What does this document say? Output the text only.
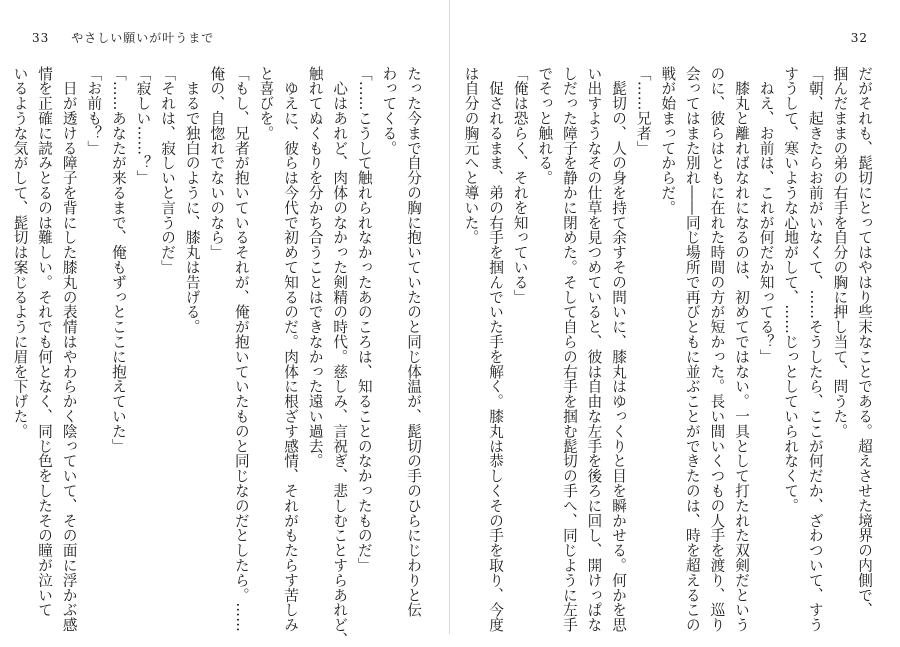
33 やさしい願いが叶うまで
たった今まで自分の胸に抱いていたのと同じ体温が、髭切の手のひらにじわりと伝
わってくる。
「……こうして触れられなかったあのころは、知ることのなかったものだ」
　心はあれど、肉体のなかった剣精の時代。慈しみ、言祝ぎ、悲しむことすらあれど、
触れてぬくもりを分かち合うことはできなかった遠い過去。
　ゆえに、彼らは今代で初めて知るのだ。肉体に根ざす感情、それがもたらす苦しみ
と喜びを。
「もし、兄者が抱いているそれが、俺が抱いていたものと同じなのだとしたら。……
俺の、自惚れでないのなら」
　まるで独白のように、膝丸は告げる。
「それは、寂しいと言うのだ」
「寂しい……？」
「……あなたが来るまで、俺もずっとここに抱えていた」
「お前も？」
　日が透ける障子を背にした膝丸の表情はやわらかく陰っていて、その面に浮かぶ感
情を正確に読みとるのは難しい。それでも何となく、同じ色をしたその瞳が泣いて
いるような気がして、髭切は案じるように眉を下げた。
32
だがそれも、髭切にとってはやはり些末なことである。超えさせた境界の内側で、
掴んだままの弟の右手を自分の胸に押し当て、問うた。
「朝、起きたらお前がいなくて、……そうしたら、ここが何だか、ざわついて、すう
すうして、寒いような心地がして、……じっとしていられなくて。
　ねえ、お前は、これが何だか知ってる？」
　膝丸と離ればなれになるのは、初めてではない。一具として打たれた双剣だという
のに、彼らはともに在れた時間の方が短かった。長い間いくつもの人手を渡り、巡り
会ってはまた別れ――同じ場所で再びともに並ぶことができたのは、時を超えるこの
戦が始まってからだ。
「……兄者」
　髭切の、人の身を持て余すその問いに、膝丸はゆっくりと目を瞬かせる。何かを思
い出すようなその仕草を見つめていると、彼は自由な左手を後ろに回し、開けっぱな
しだった障子を静かに閉めた。そして自らの右手を掴む髭切の手へ、同じように左手
でそっと触れる。
「俺は恐らく、それを知っている」
　促されるまま、弟の右手を掴んでいた手を解く。膝丸は恭しくその手を取り、今度
は自分の胸元へと導いた。
